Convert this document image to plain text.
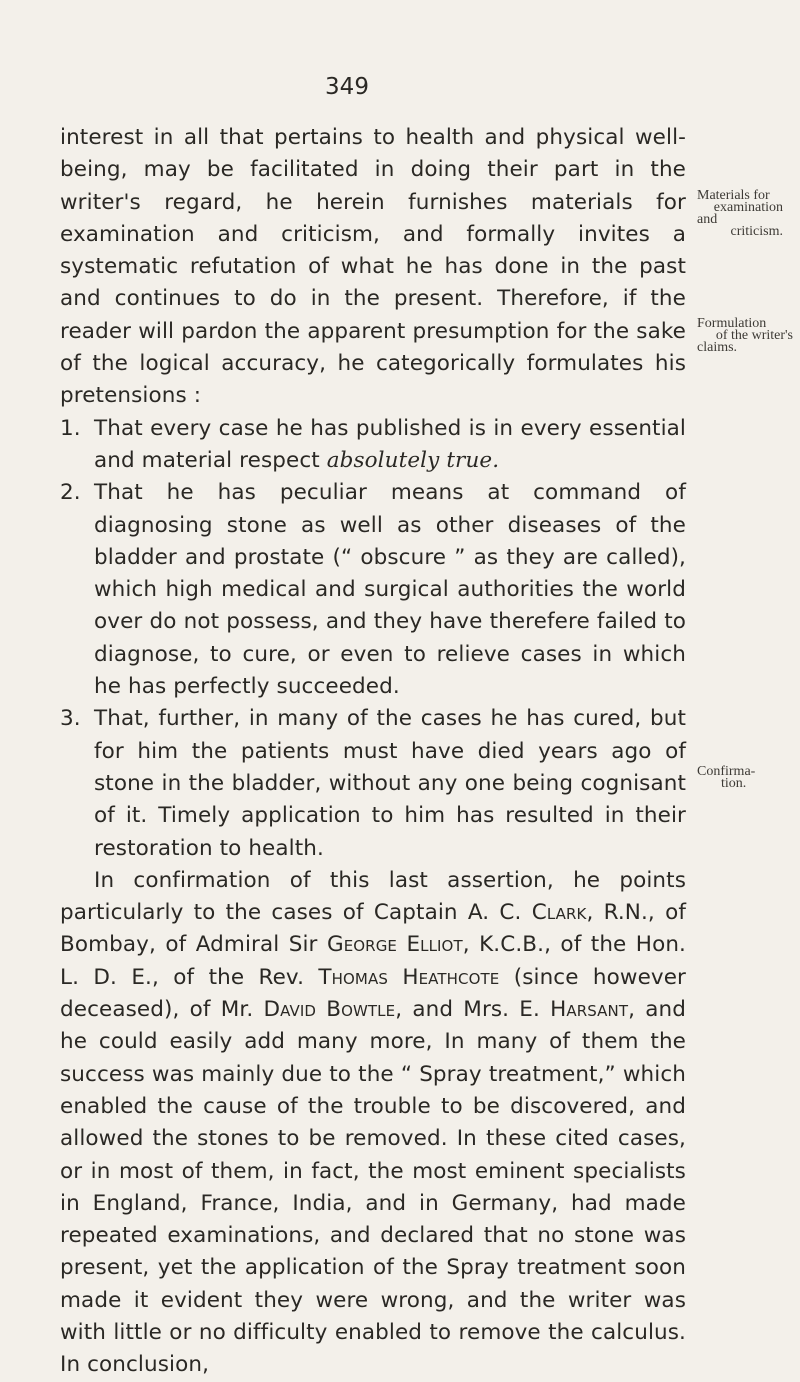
349

interest in all that pertains to health and physical well-being, may be facilitated in doing their part in the writer's regard, he herein furnishes materials for examination and criticism, and formally invites a systematic refutation of what he has done in the past and continues to do in the present. Therefore, if the reader will pardon the apparent presumption for the sake of the logical accuracy, he categorically formulates his pretensions :

1. That every case he has published is in every essential and material respect absolutely true.
2. That he has peculiar means at command of diagnosing stone as well as other diseases of the bladder and prostate (“ obscure ” as they are called), which high medical and surgical authorities the world over do not possess, and they have therefere failed to diagnose, to cure, or even to relieve cases in which he has perfectly succeeded.
3. That, further, in many of the cases he has cured, but for him the patients must have died years ago of stone in the bladder, without any one being cognisant of it. Timely application to him has resulted in their restoration to health.

In confirmation of this last assertion, he points particularly to the cases of Captain A. C. Clark, R.N., of Bombay, of Admiral Sir George Elliot, K.C.B., of the Hon. L. D. E., of the Rev. Thomas Heathcote (since however deceased), of Mr. David Bowtle, and Mrs. E. Harsant, and he could easily add many more, In many of them the success was mainly due to the “ Spray treatment,” which enabled the cause of the trouble to be discovered, and allowed the stones to be removed. In these cited cases, or in most of them, in fact, the most eminent specialists in England, France, India, and in Germany, had made repeated examinations, and declared that no stone was present, yet the application of the Spray treatment soon made it evident they were wrong, and the writer was with little or no difficulty enabled to remove the calculus. In conclusion,

Materials for
examination
and
criticism.
Formulation
of the writer's
claims.
Confirma-
tion.
